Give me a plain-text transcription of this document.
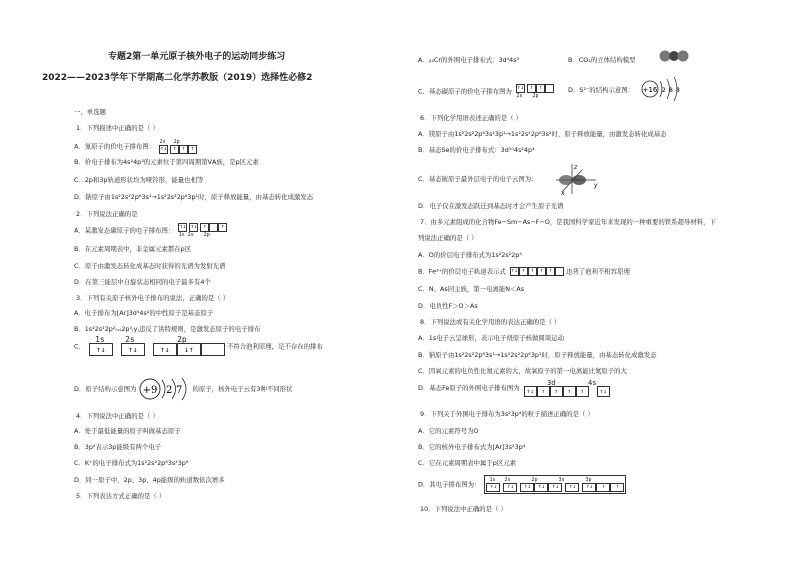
专题2第一单元原子核外电子的运动同步练习
2022——2023学年下学期高二化学苏教版（2019）选择性必修2
一、单选题
1．下列描述中正确的是（ ）
A．氮原子的价电子排布图：
2s	2p
↑↓	↑	↑	↑
B．价电子排布为4s²4p³的元素位于第四周期第ⅤA族，是p区元素
C．2p和3p轨道形状均为哑铃形，能量也相等
D．钠原子由1s²2s²2p⁶3s¹→1s²2s²2p⁶3p¹时，原子释放能量，由基态转化成激发态
2．下列说法正确的是
A．某激发态碳原子的电子排布图： ↑↓ ↑↓	↑	↑
1s 2s	2p
B．在元素周期表中，非金属元素都在p区
C．原子由激发态转化成基态时获得的光谱为发射光谱
D．在第三能层中自旋状态相同的电子最多有4个
3．下列有关原子核外电子排布的说法，正确的是（ ）
A．电子排布为[Ar]3d⁴4s²的中性原子是基态原子
B．1s²2s²2p²₍ₓ₎2p⁰₍y₎违反了洪特规则，是激发态原子的电子排布
C．
1s	2s	2p
↑↓	↑↓	↑↓	↓↑	不符合泡利原理，是不存在的排布
D．原子结构示意图为 +9 2 7 的原子，核外电子云有3种不同形状
4．下列说法中正确的是（ ）
A．处于最低能量的原子叫做基态原子
B．3p²表示3p能级有两个电子
C．K⁺的电子排布式为1s²2s²2p⁶3s²3p⁶
D．同一原子中，2p、3p、4p能级的轨道数依次增多
5．下列表达方式正确的是（ ）
A．₂₄Cr的外围电子排布式：3d⁴4s²	B．CO₂的立体结构模型
C．基态碳原子的价电子排布图为 ↑↓	↑	↑
2s	2p
D．S²⁻的结构示意图： +16 2 8 8
6．下列化学用语表述正确的是（ ）
A．镁原子由1s²2s²2p⁶3s¹3p¹→1s²2s²2p⁶3s²时，原子释放能量，由激发态转化成基态
B．基态Se的价电子排布式：3d¹⁰4s²4p⁴
C．基态铍原子最外层电子的电子云图为：
z
x
y
D．电子仅在激发态跃迁到基态时才会产生原子光谱
7．由多元素组成的化合物Fe−Sm−As−F−O，是我国科学家近年来发现的一种重要的铁系超导材料，下
列说法正确的是（ ）
A．O的价层电子排布式为1s²2s²2p⁴
B．Fe³⁺的价层电子轨道表示式 ↑↓ ↑	↑	↑	↑	违背了泡利不相容原理
C．N、As同主族，第一电离能N＜As
D．电负性F＞O＞As
8．下列说法或有关化学用语的表达正确的是（ ）
A．1s电子云呈球形，表示电子绕原子核做圆周运动
B．钠原子由1s²2s²2p⁶3s¹→1s²2s²2p⁶3p¹时，原子释放能量，由基态转化成激发态
C．因氧元素的电负性比氮元素的大，故氧原子的第一电离能比氮原子的大
D．基态Fe原子的外围电子排布图为
3d	4s
↑↓	↑	↑	↑	↑	↑↓
9．下列关于外围电子排布为3s²3p⁴的粒子描述正确的是（ ）
A．它的元素符号为O
B．它的核外电子排布式为[Ar]3s²3p⁴
C．它在元素周期表中属于p区元素
D．其电子排布图为：
1s	2s	2p	3s	3p
↑↓	↑↓	↑↓	↑↓	↑↓	↑↓	↑↓	↑	↑
10．下列说法中正确的是（ ）
